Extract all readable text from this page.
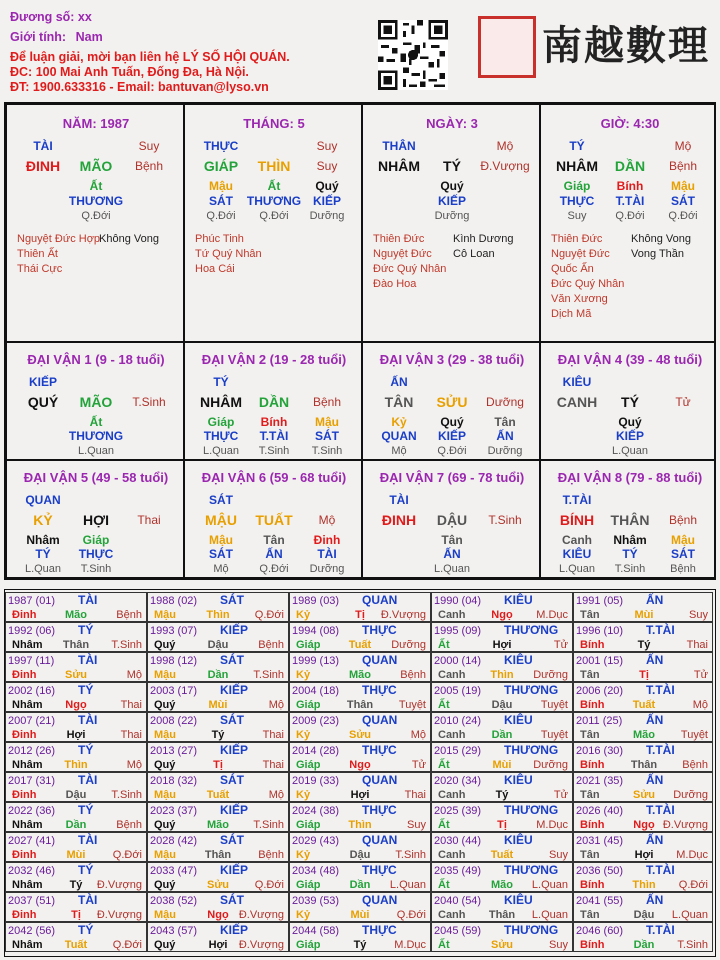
Đương số: xx
Giới tính: Nam
Để luận giải, mời bạn liên hệ LÝ SỐ HỘI QUÁN.
ĐC: 100 Mai Anh Tuấn, Đống Đa, Hà Nội.
ĐT: 1900.633316 - Email: bantuvan@lyso.vn
南越數理
NĂM: 1987
TÀI	Suy
ĐINH MÃO Bệnh
Ất
THƯƠNG
Q.Đới
Nguyệt Đức Hợp
Thiên Ất
Thái Cực
Không Vong
THÁNG: 5
THỰC	Suy
GIÁP THÌN Suy
Mậu
SÁT
Q.Đới
Ất
THƯƠNG
Q.Đới
Quý
KIẾP
Dưỡng
Phúc Tinh
Tứ Quý Nhân
Hoa Cái
NGÀY: 3
THÂN	Mộ
NHÂM TÝ Đ.Vượng
Quý
KIẾP
Dưỡng
Thiên Đức
Nguyệt Đức
Đức Quý Nhân
Đào Hoa
Kình Dương
Cô Loan
GIỜ: 4:30
TÝ	Mộ
NHÂM DẦN Bệnh
Giáp
THỰC
Suy
Bính
T.TÀI
Q.Đới
Mậu
SÁT
Q.Đới
Thiên Đức
Nguyệt Đức
Quốc Ấn
Đức Quý Nhân
Văn Xương
Dịch Mã
Không Vong
Vong Thần
ĐẠI VẬN 1 (9 - 18 tuổi)
KIẾP
QUÝ MÃO T.Sinh
Ất
THƯƠNG
L.Quan
ĐẠI VẬN 2 (19 - 28 tuổi)
TÝ
NHÂM DẦN Bệnh
Giáp
THỰC
L.Quan
Bính
T.TÀI
T.Sinh
Mậu
SÁT
T.Sinh
ĐẠI VẬN 3 (29 - 38 tuổi)
ẤN
TÂN SỬU Dưỡng
Kỷ
QUAN
Mộ
Quý
KIẾP
Q.Đới
Tân
ẤN
Dưỡng
ĐẠI VẬN 4 (39 - 48 tuổi)
KIÊU
CANH TÝ	Tử
Quý
KIẾP
L.Quan
ĐẠI VẬN 5 (49 - 58 tuổi)
QUAN
KỶ HỢI Thai
Nhâm
TÝ
L.Quan
Giáp
THỰC
T.Sinh
ĐẠI VẬN 6 (59 - 68 tuổi)
SÁT
MẬU TUẤT Mộ
Mậu
SÁT
Mộ
Tân
ẤN
Q.Đới
Đinh
TÀI
Dưỡng
ĐẠI VẬN 7 (69 - 78 tuổi)
TÀI
ĐINH DẬU T.Sinh
Tân
ẤN
L.Quan
ĐẠI VẬN 8 (79 - 88 tuổi)
T.TÀI
BÍNH THÂN Bệnh
Canh
KIÊU
L.Quan
Nhâm
TÝ
T.Sinh
Mậu
SÁT
Bệnh
1987 (01) TÀI
Đinh	Mão	Bệnh
1988 (02) SÁT
Mậu	Thìn Q.Đới
1989 (03) QUAN
Kỷ	Tị Đ.Vượng
1990 (04) KIÊU
Canh Ngọ M.Dục
1991 (05) ẤN
Tân	Mùi	Suy
1992 (06) TÝ
Nhâm Thân T.Sinh
1993 (07) KIẾP
Quý	Dậu	Bệnh
1994 (08) THỰC
Giáp	Tuất Dưỡng
1995 (09) THƯƠNG
Ất	Hợi	Tử
1996 (10) T.TÀI
Bính	Tý	Thai
1997 (11) TÀI
Đinh	Sửu	Mộ
1998 (12) SÁT
Mậu	Dần T.Sinh
1999 (13) QUAN
Kỷ	Mão	Bệnh
2000 (14) KIÊU
Canh Thìn Dưỡng
2001 (15) ẤN
Tân	Tị	Tử
2002 (16) TÝ
Nhâm Ngọ	Thai
2003 (17) KIẾP
Quý	Mùi	Mộ
2004 (18) THỰC
Giáp Thân Tuyệt
2005 (19) THƯƠNG
Ất	Dậu	Tuyệt
2006 (20) T.TÀI
Bính	Tuất	Mộ
2007 (21) TÀI
Đinh	Hợi	Thai
2008 (22) SÁT
Mậu	Tý	Thai
2009 (23) QUAN
Kỷ	Sửu	Mộ
2010 (24) KIÊU
Canh Dần	Tuyệt
2011 (25) ẤN
Tân	Mão Tuyệt
2012 (26) TÝ
Nhâm Thìn	Mộ
2013 (27) KIẾP
Quý	Tị	Thai
2014 (28) THỰC
Giáp	Ngọ	Tử
2015 (29) THƯƠNG
Ất	Mùi Dưỡng
2016 (30) T.TÀI
Bính Thân Bệnh
2017 (31) TÀI
Đinh	Dậu T.Sinh
2018 (32) SÁT
Mậu	Tuất	Mộ
2019 (33) QUAN
Kỷ	Hợi	Thai
2020 (34) KIÊU
Canh	Tý	Tử
2021 (35) ẤN
Tân	Sửu Dưỡng
2022 (36) TÝ
Nhâm Dần	Bệnh
2023 (37) KIẾP
Quý	Mão T.Sinh
2024 (38) THỰC
Giáp	Thìn	Suy
2025 (39) THƯƠNG
Ất	Tị	M.Dục
2026 (40) T.TÀI
Bính	Ngọ Đ.Vượng
2027 (41) TÀI
Đinh	Mùi Q.Đới
2028 (42) SÁT
Mậu	Thân Bệnh
2029 (43) QUAN
Kỷ	Dậu T.Sinh
2030 (44) KIÊU
Canh Tuất	Suy
2031 (45) ẤN
Tân	Hợi M.Dục
2032 (46) TÝ
Nhâm Tý Đ.Vượng
2033 (47) KIẾP
Quý	Sửu Q.Đới
2034 (48) THỰC
Giáp	Dần L.Quan
2035 (49) THƯƠNG
Ất	Mão L.Quan
2036 (50) T.TÀI
Bính	Thìn Q.Đới
2037 (51) TÀI
Đinh	Tị Đ.Vượng
2038 (52) SÁT
Mậu	Ngọ Đ.Vượng
2039 (53) QUAN
Kỷ	Mùi Q.Đới
2040 (54) KIÊU
Canh Thân L.Quan
2041 (55) ẤN
Tân	Dậu L.Quan
2042 (56) TÝ
Nhâm Tuất Q.Đới
2043 (57) KIẾP
Quý	Hợi Đ.Vượng
2044 (58) THỰC
Giáp	Tý	M.Dục
2045 (59) THƯƠNG
Ất	Sửu	Suy
2046 (60) T.TÀI
Bính	Dần T.Sinh
